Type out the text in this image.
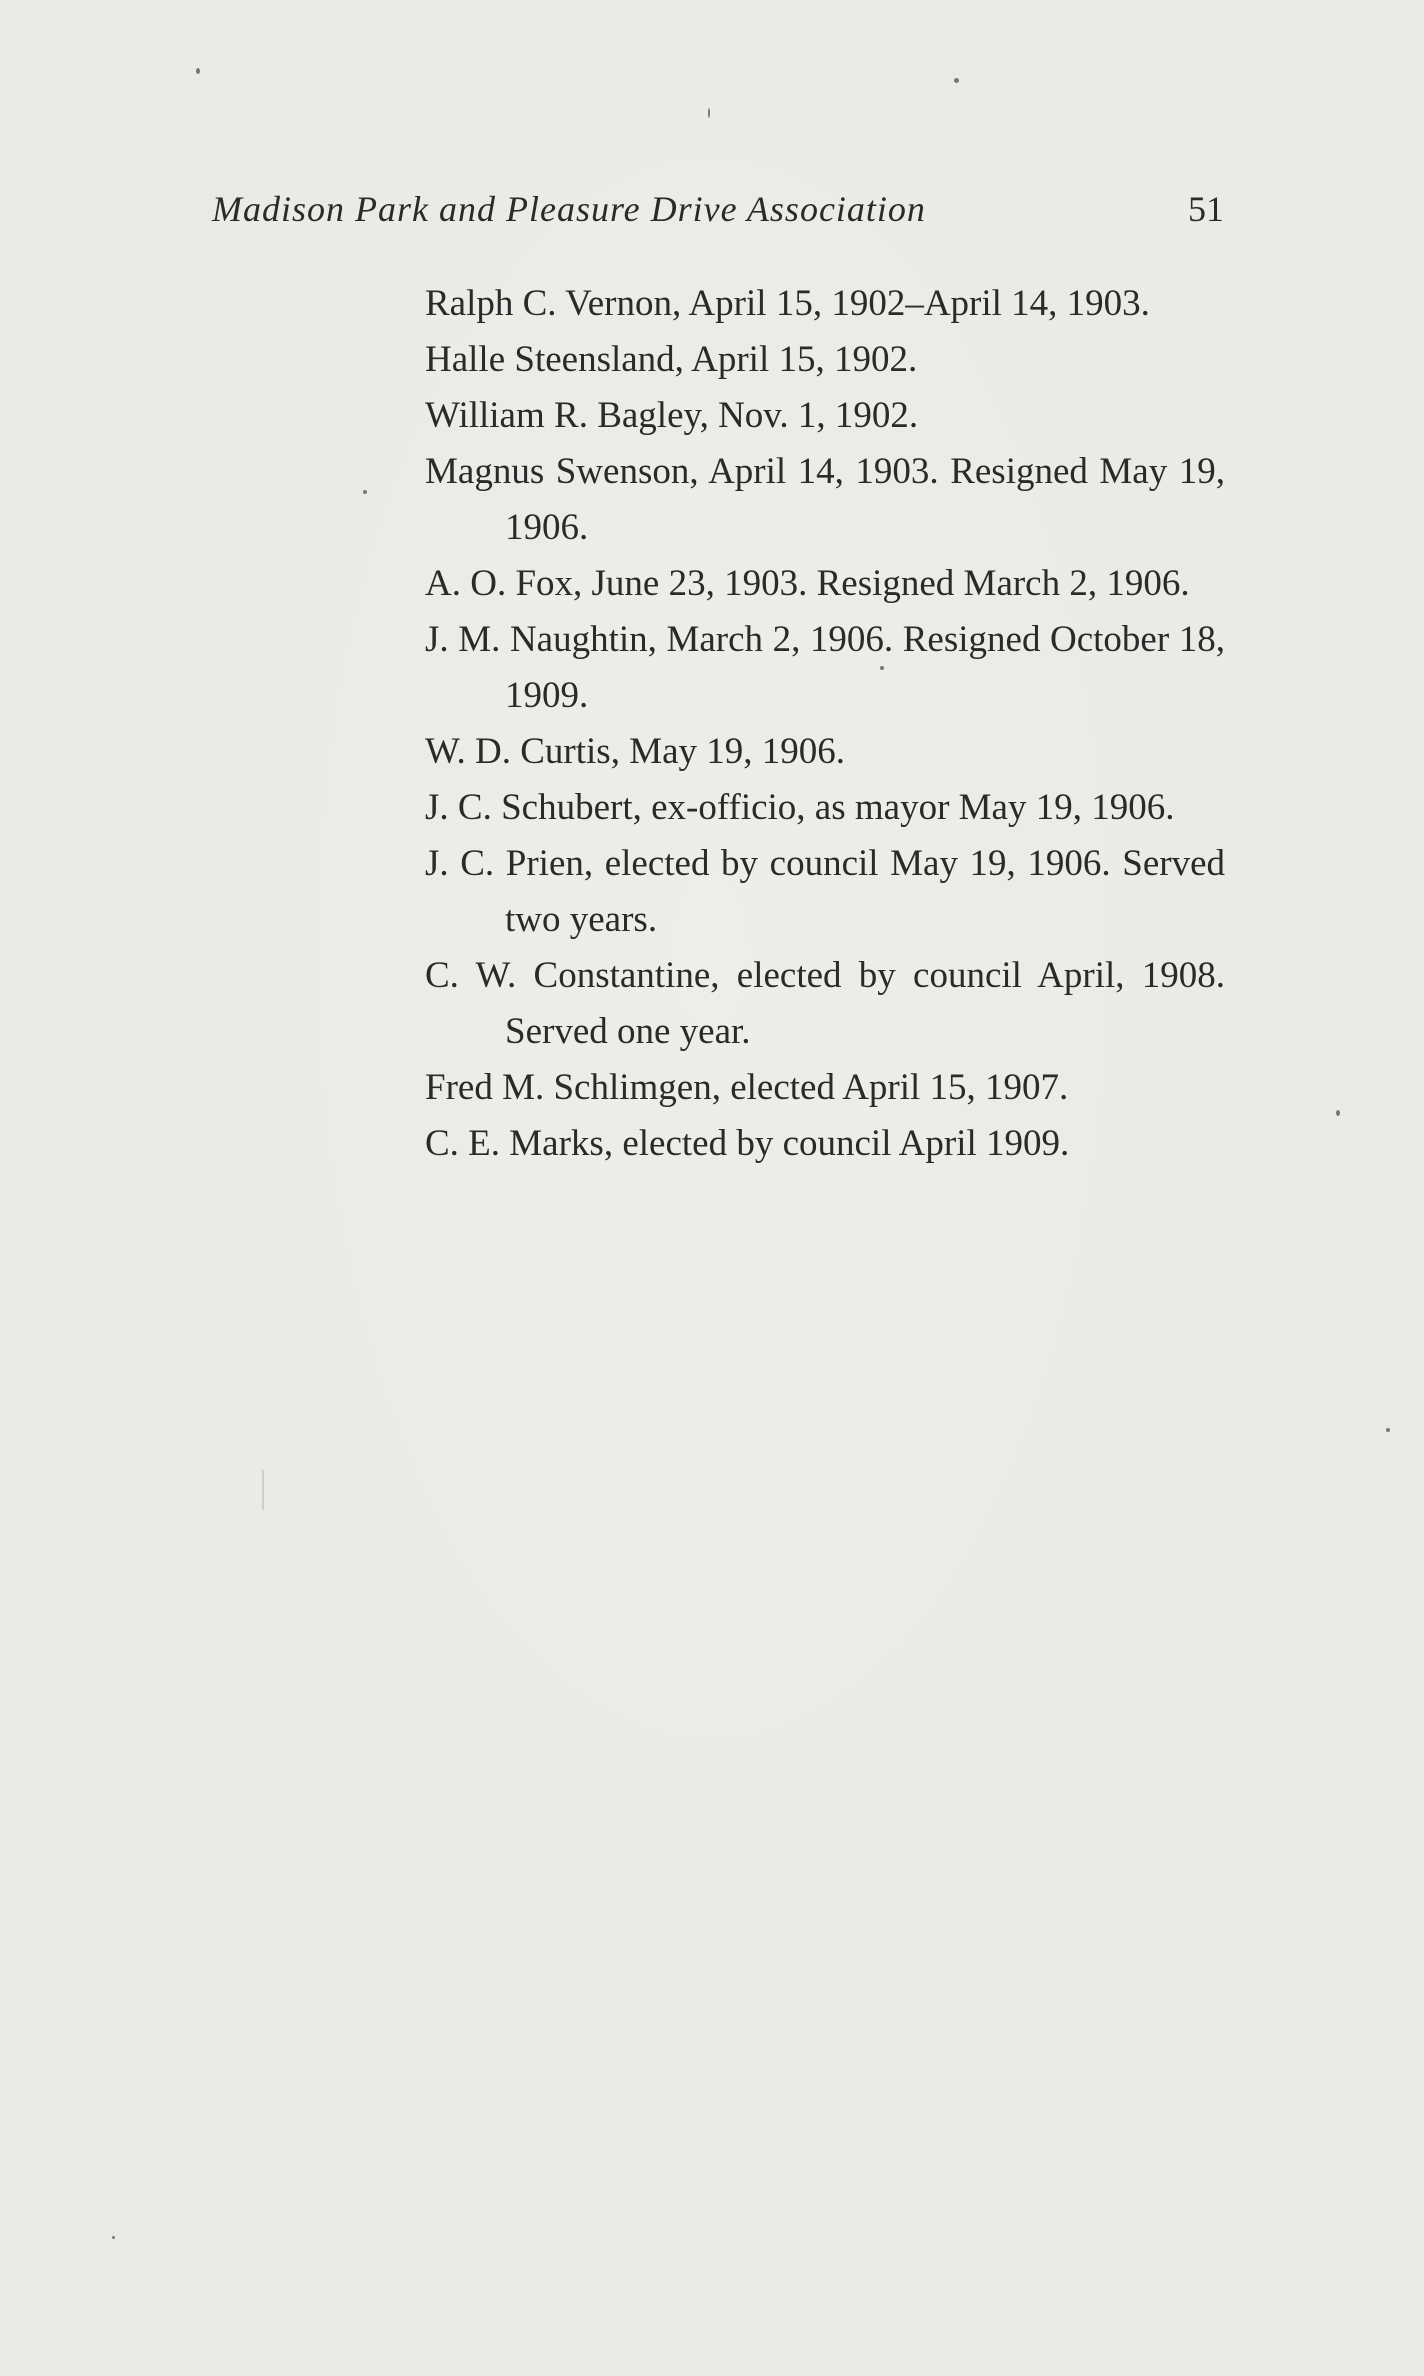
Madison Park and Pleasure Drive Association	51
Ralph C. Vernon, April 15, 1902–April 14, 1903.
Halle Steensland, April 15, 1902.
William R. Bagley, Nov. 1, 1902.
Magnus Swenson, April 14, 1903. Resigned May 19, 1906.
A. O. Fox, June 23, 1903. Resigned March 2, 1906.
J. M. Naughtin, March 2, 1906. Resigned October 18, 1909.
W. D. Curtis, May 19, 1906.
J. C. Schubert, ex-officio, as mayor May 19, 1906.
J. C. Prien, elected by council May 19, 1906. Served two years.
C. W. Constantine, elected by council April, 1908. Served one year.
Fred M. Schlimgen, elected April 15, 1907.
C. E. Marks, elected by council April 1909.
